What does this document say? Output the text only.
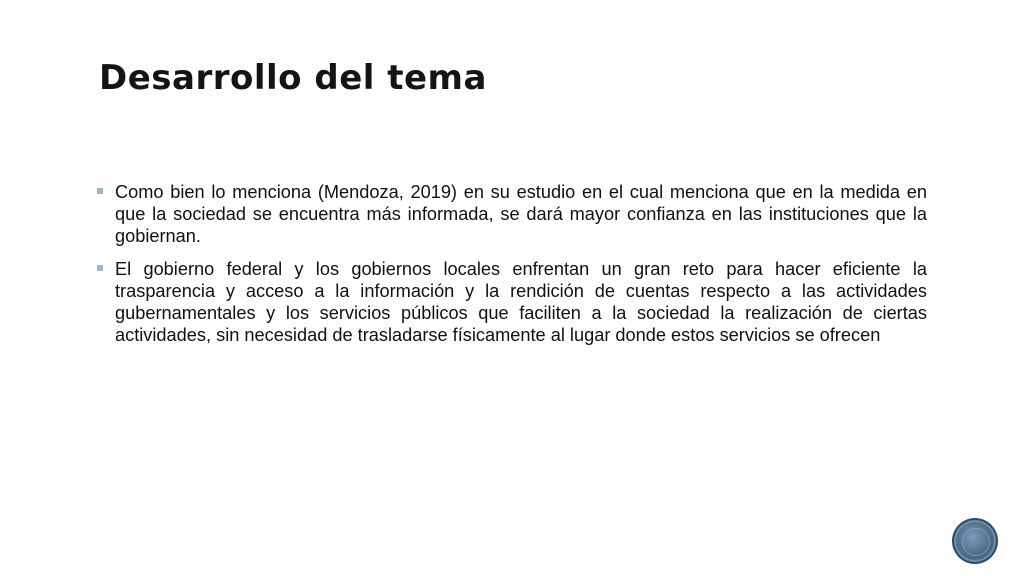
Desarrollo del tema
Como bien lo menciona (Mendoza, 2019) en su estudio en el cual menciona que en la medida en que la sociedad se encuentra más informada, se dará mayor confianza en las instituciones que la gobiernan.
El gobierno federal y los gobiernos locales enfrentan un gran reto para hacer eficiente la trasparencia y acceso a la información y la rendición de cuentas respecto a las actividades gubernamentales y los servicios públicos que faciliten a la sociedad la realización de ciertas actividades, sin necesidad de trasladarse físicamente al lugar donde estos servicios se ofrecen
